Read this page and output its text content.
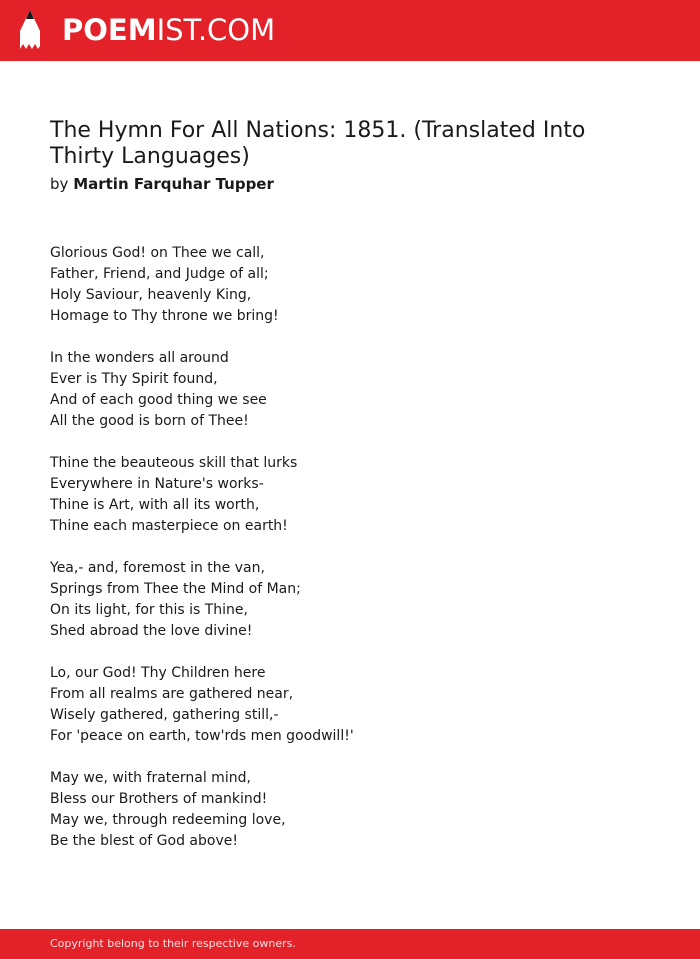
POEMIST.COM
The Hymn For All Nations: 1851. (Translated Into Thirty Languages)
by Martin Farquhar Tupper
Glorious God! on Thee we call,
Father, Friend, and Judge of all;
Holy Saviour, heavenly King,
Homage to Thy throne we bring!
In the wonders all around
Ever is Thy Spirit found,
And of each good thing we see
All the good is born of Thee!
Thine the beauteous skill that lurks
Everywhere in Nature's works-
Thine is Art, with all its worth,
Thine each masterpiece on earth!
Yea,- and, foremost in the van,
Springs from Thee the Mind of Man;
On its light, for this is Thine,
Shed abroad the love divine!
Lo, our God! Thy Children here
From all realms are gathered near,
Wisely gathered, gathering still,-
For 'peace on earth, tow'rds men goodwill!'
May we, with fraternal mind,
Bless our Brothers of mankind!
May we, through redeeming love,
Be the blest of God above!
Copyright belong to their respective owners.
